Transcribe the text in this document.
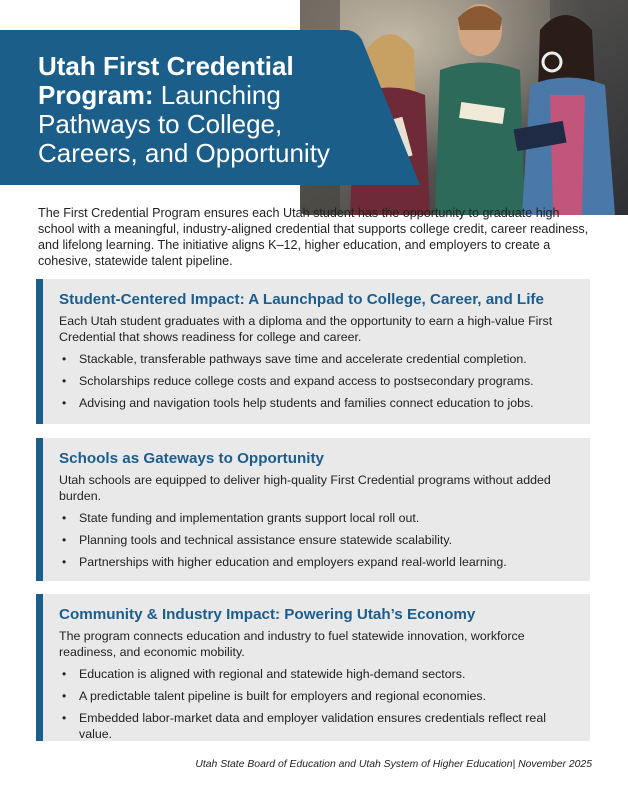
Utah First Credential Program: Launching Pathways to College, Careers, and Opportunity
The First Credential Program ensures each Utah student has the opportunity to graduate high school with a meaningful, industry-aligned credential that supports college credit, career readiness, and lifelong learning. The initiative aligns K–12, higher education, and employers to create a cohesive, statewide talent pipeline.
Student-Centered Impact: A Launchpad to College, Career, and Life

Each Utah student graduates with a diploma and the opportunity to earn a high-value First Credential that shows readiness for college and career.

• Stackable, transferable pathways save time and accelerate credential completion.
• Scholarships reduce college costs and expand access to postsecondary programs.
• Advising and navigation tools help students and families connect education to jobs.
Schools as Gateways to Opportunity

Utah schools are equipped to deliver high-quality First Credential programs without added burden.

• State funding and implementation grants support local roll out.
• Planning tools and technical assistance ensure statewide scalability.
• Partnerships with higher education and employers expand real-world learning.
Community & Industry Impact: Powering Utah’s Economy

The program connects education and industry to fuel statewide innovation, workforce readiness, and economic mobility.

• Education is aligned with regional and statewide high-demand sectors.
• A predictable talent pipeline is built for employers and regional economies.
• Embedded labor-market data and employer validation ensures credentials reflect real value.
Utah State Board of Education and Utah System of Higher Education| November 2025
